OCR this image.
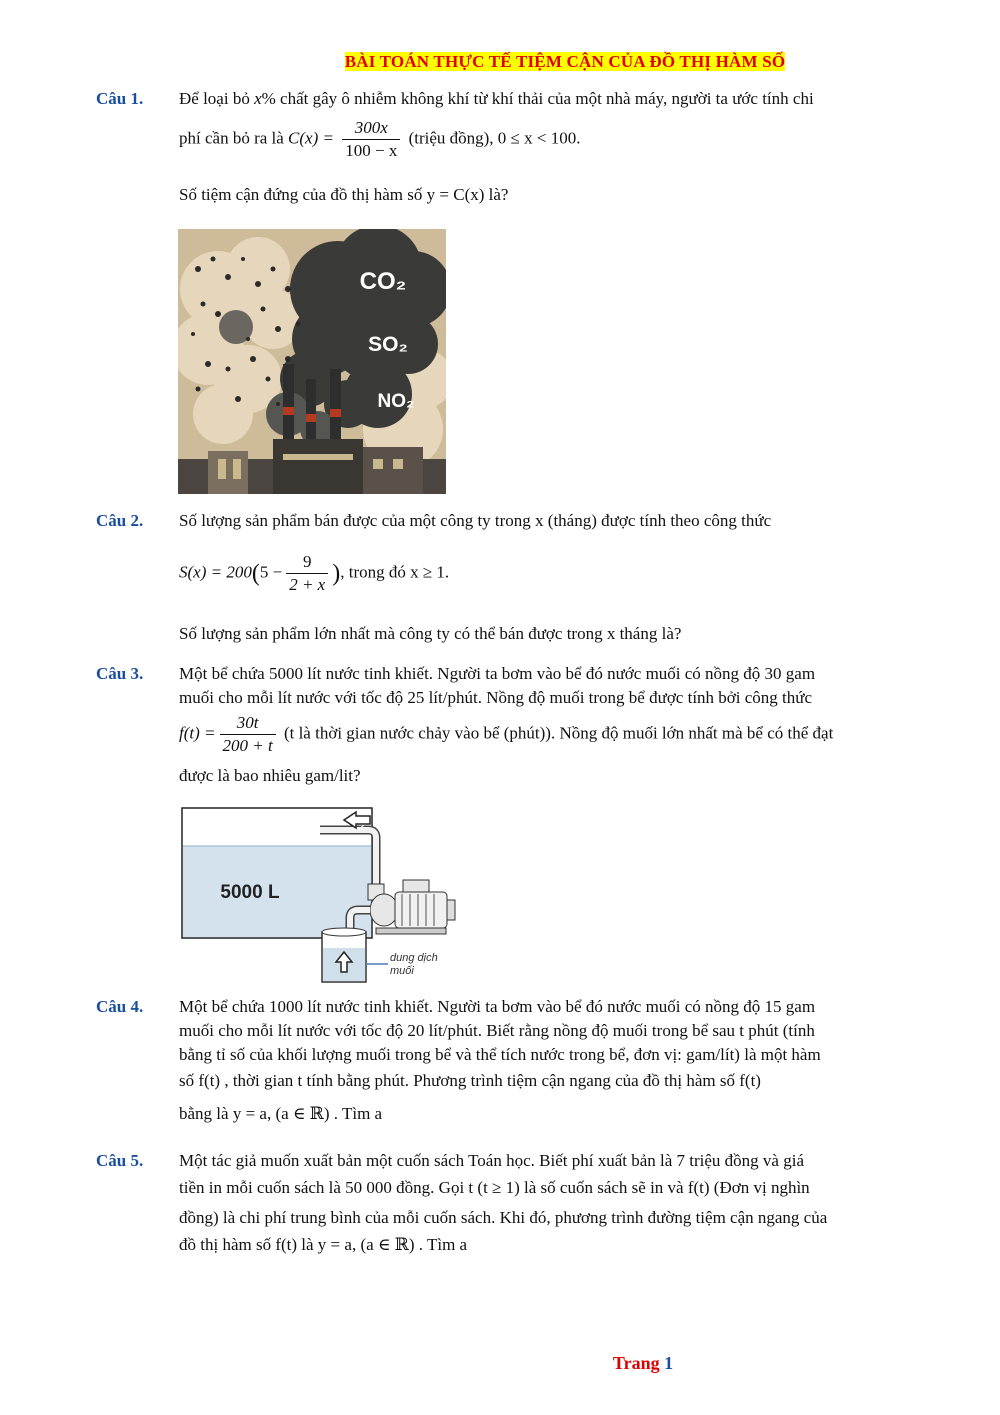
BÀI TOÁN THỰC TẾ TIỆM CẬN CỦA ĐỒ THỊ HÀM SỐ
Câu 1. Để loại bỏ x% chất gây ô nhiễm không khí từ khí thải của một nhà máy, người ta ước tính chi
phí cần bỏ ra là $C(x) = \frac{300x}{100 - x}$ (triệu đồng), 0 ≤ x < 100.
Số tiệm cận đứng của đồ thị hàm số y = C(x) là?
CO₂
SO₂
NO₂
Câu 2. Số lượng sản phẩm bán được của một công ty trong x (tháng) được tính theo công thức
$S(x) = 200(5 - \frac{9}{2 + x}$ ), trong đó x ≥ 1.
Số lượng sản phẩm lớn nhất mà công ty có thể bán được trong x tháng là?
Câu 3. Một bể chứa 5000 lít nước tinh khiết. Người ta bơm vào bể đó nước muối có nồng độ 30 gam
muối cho mỗi lít nước với tốc độ 25 lít/phút. Nồng độ muối trong bể được tính bởi công thức
$f(t) = \frac{30t}{200 + t} (t$ là thời gian nước chảy vào bể (phút)). Nồng độ muối lớn nhất mà bể có thể đạt
được là bao nhiêu gam/lit?
5000 L
dung dịch
muối
Câu 4. Một bể chứa 1000 lít nước tinh khiết. Người ta bơm vào bể đó nước muối có nồng độ 15 gam
muối cho mỗi lít nước với tốc độ 20 lít/phút. Biết rằng nồng độ muối trong bể sau t phút (tính
bằng tỉ số của khối lượng muối trong bể và thể tích nước trong bể, đơn vị: gam/lít) là một hàm
số f(t) , thời gian t tính bằng phút. Phương trình tiệm cận ngang của đồ thị hàm số f(t)
bằng là y = a, (a ∈ ℝ) . Tìm a
Câu 5. Một tác giả muốn xuất bản một cuốn sách Toán học. Biết phí xuất bản là 7 triệu đồng và giá
tiền in mỗi cuốn sách là 50 000 đồng. Gọi t (t ≥ 1) là số cuốn sách sẽ in và f(t) (Đơn vị nghìn
đồng) là chi phí trung bình của mỗi cuốn sách. Khi đó, phương trình đường tiệm cận ngang của
đồ thị hàm số f(t) là y = a, (a ∈ ℝ) . Tìm a
Trang 1
